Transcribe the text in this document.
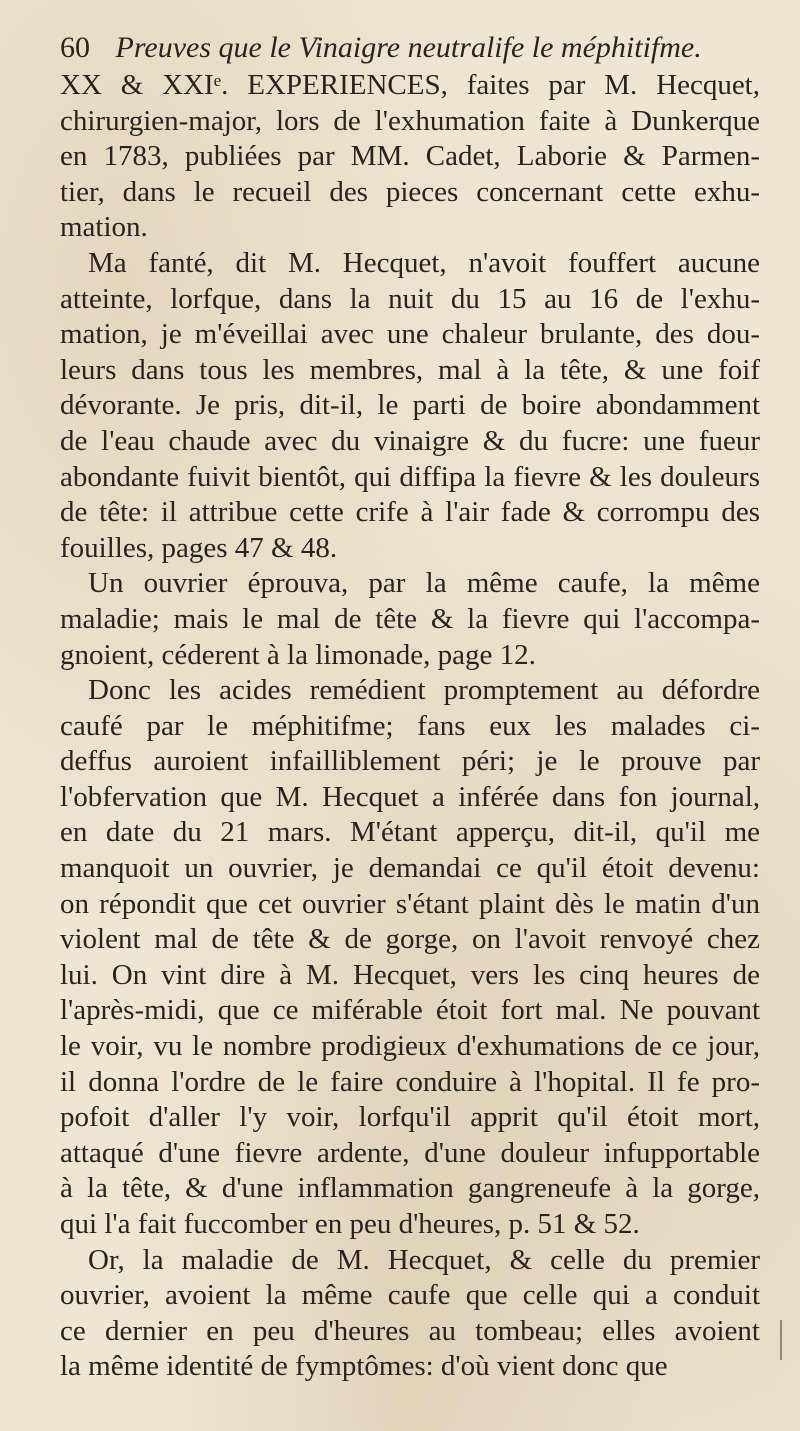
60 Preuves que le Vinaigre neutralife le méphitifme.
XX & XXIᵉ. EXPERIENCES, faites par M. Hecquet,
chirurgien-major, lors de l'exhumation faite à Dunkerque
en 1783, publiées par MM. Cadet, Laborie & Parmen-
tier, dans le recueil des pieces concernant cette exhu-
mation.
Ma fanté, dit M. Hecquet, n'avoit fouffert aucune
atteinte, lorfque, dans la nuit du 15 au 16 de l'exhu-
mation, je m'éveillai avec une chaleur brulante, des dou-
leurs dans tous les membres, mal à la tête, & une foif
dévorante. Je pris, dit-il, le parti de boire abondamment
de l'eau chaude avec du vinaigre & du fucre: une fueur
abondante fuivit bientôt, qui diffipa la fievre & les douleurs
de tête: il attribue cette crife à l'air fade & corrompu des
fouilles, pages 47 & 48.
Un ouvrier éprouva, par la même caufe, la même
maladie; mais le mal de tête & la fievre qui l'accompa-
gnoient, céderent à la limonade, page 12.
Donc les acides remédient promptement au défordre
caufé par le méphitifme; fans eux les malades ci-
deffus auroient infailliblement péri; je le prouve par
l'obfervation que M. Hecquet a inférée dans fon journal,
en date du 21 mars. M'étant apperçu, dit-il, qu'il me
manquoit un ouvrier, je demandai ce qu'il étoit devenu:
on répondit que cet ouvrier s'étant plaint dès le matin d'un
violent mal de tête & de gorge, on l'avoit renvoyé chez
lui. On vint dire à M. Hecquet, vers les cinq heures de
l'après-midi, que ce miférable étoit fort mal. Ne pouvant
le voir, vu le nombre prodigieux d'exhumations de ce jour,
il donna l'ordre de le faire conduire à l'hopital. Il fe pro-
pofoit d'aller l'y voir, lorfqu'il apprit qu'il étoit mort,
attaqué d'une fievre ardente, d'une douleur infupportable
à la tête, & d'une inflammation gangreneufe à la gorge,
qui l'a fait fuccomber en peu d'heures, p. 51 & 52.
Or, la maladie de M. Hecquet, & celle du premier
ouvrier, avoient la même caufe que celle qui a conduit
ce dernier en peu d'heures au tombeau; elles avoient
la même identité de fymptômes: d'où vient donc que
